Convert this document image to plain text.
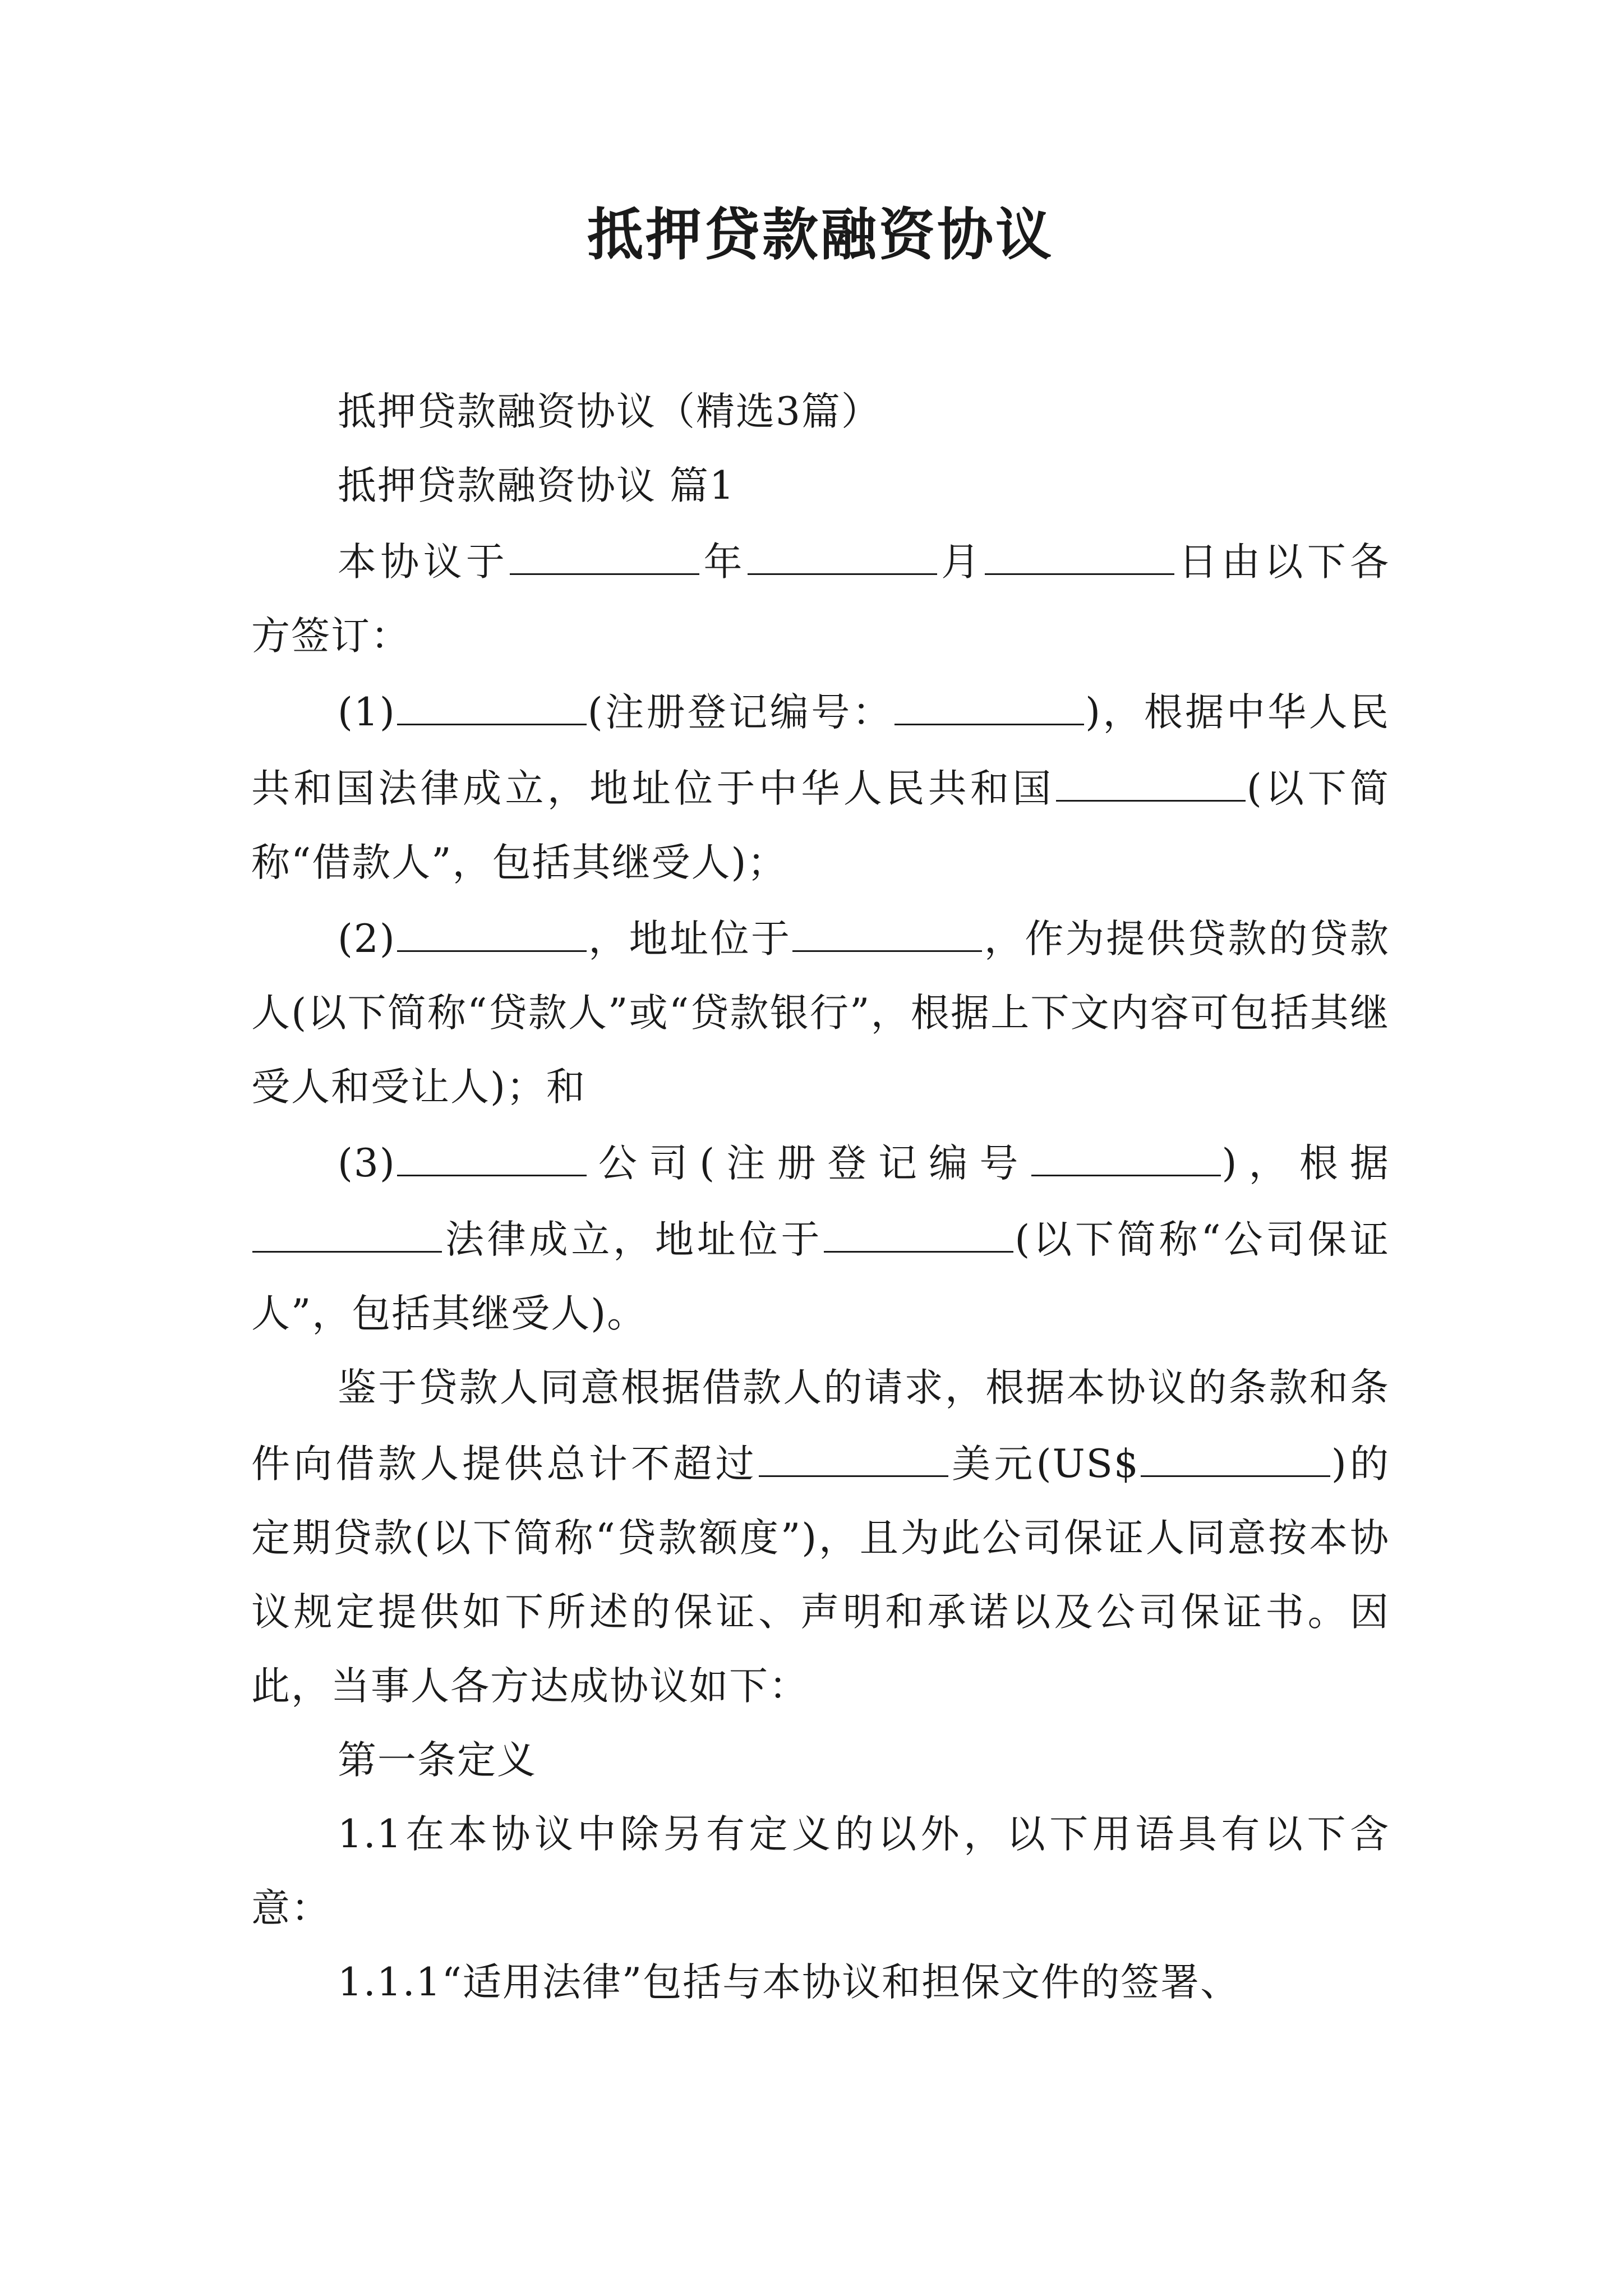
抵押贷款融资协议

抵押贷款融资协议（精选3篇）

抵押贷款融资协议 篇1

本协议于	年	月	日由以下各方签订：

(1)	(注册登记编号：	)，根据中华人民共和国法律成立，地址位于中华人民共和国	(以下简称“借款人”，包括其继受人)；

(2)	，地址位于	，作为提供贷款的贷款人(以下简称“贷款人”或“贷款银行”，根据上下文内容可包括其继受人和受让人)；和

(3)	公司(注册登记编号	)，根据法律成立，地址位于	(以下简称“公司保证人”，包括其继受人)。

鉴于贷款人同意根据借款人的请求，根据本协议的条款和条件向借款人提供总计不超过	美元(US$	)的定期贷款(以下简称“贷款额度”)，且为此公司保证人同意按本协议规定提供如下所述的保证、声明和承诺以及公司保证书。因此，当事人各方达成协议如下：

第一条定义

1.1在本协议中除另有定义的以外，以下用语具有以下含意：

1.1.1“适用法律”包括与本协议和担保文件的签署、
